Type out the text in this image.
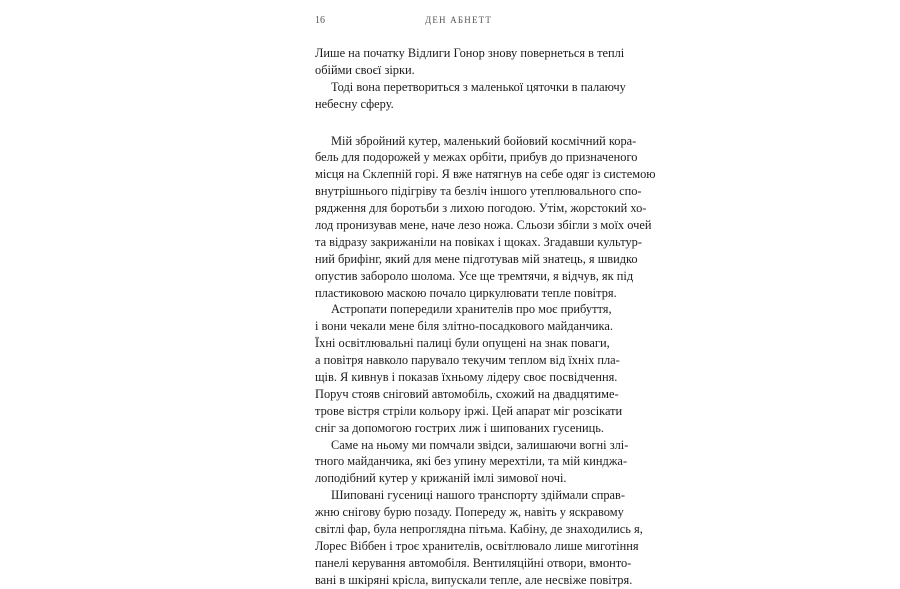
16	ДЕН АБНЕТТ
Лише на початку Відлиги Гонор знову повернеться в теплі
обійми своєї зірки.
Тоді вона перетвориться з маленької цяточки в палаючу
небесну сферу.
Мій збройний кутер, маленький бойовий космічний кора-
бель для подорожей у межах орбіти, прибув до призначеного
місця на Склепній горі. Я вже натягнув на себе одяг із системою
внутрішнього підігріву та безліч іншого утеплювального спо-
рядження для боротьби з лихою погодою. Утім, жорстокий хо-
лод пронизував мене, наче лезо ножа. Сльози збігли з моїх очей
та відразу закрижаніли на повіках і щоках. Згадавши культур-
ний брифінг, який для мене підготував мій знатець, я швидко
опустив заборолo шолома. Усе ще тремтячи, я відчув, як під
пластиковою маскою почало циркулювати тепле повітря.
Астропати попередили хранителів про моє прибуття,
і вони чекали мене біля злітно-посадкового майданчика.
Їхні освітлювальні палиці були опущені на знак поваги,
а повітря навколо парувало текучим теплом від їхніх пла-
щів. Я кивнув і показав їхньому лідеру своє посвідчення.
Поруч стояв сніговий автомобіль, схожий на двадцятиме-
трове вістря стріли кольору іржі. Цей апарат міг розсікати
сніг за допомогою гострих лиж і шипованих гусениць.
Саме на ньому ми помчали звідси, залишаючи вогні злі-
тного майданчика, які без упину мерехтіли, та мій кинджа-
лоподібний кутер у крижаній імлі зимової ночі.
Шиповані гусениці нашого транспорту здіймали справ-
жню снігову бурю позаду. Попереду ж, навіть у яскравому
світлі фар, була непроглядна пітьма. Кабіну, де знаходились я,
Лорес Віббен і троє хранителів, освітлювало лише миготіння
панелі керування автомобіля. Вентиляційні отвори, вмонто-
вані в шкіряні крісла, випускали тепле, але несвіже повітря.
